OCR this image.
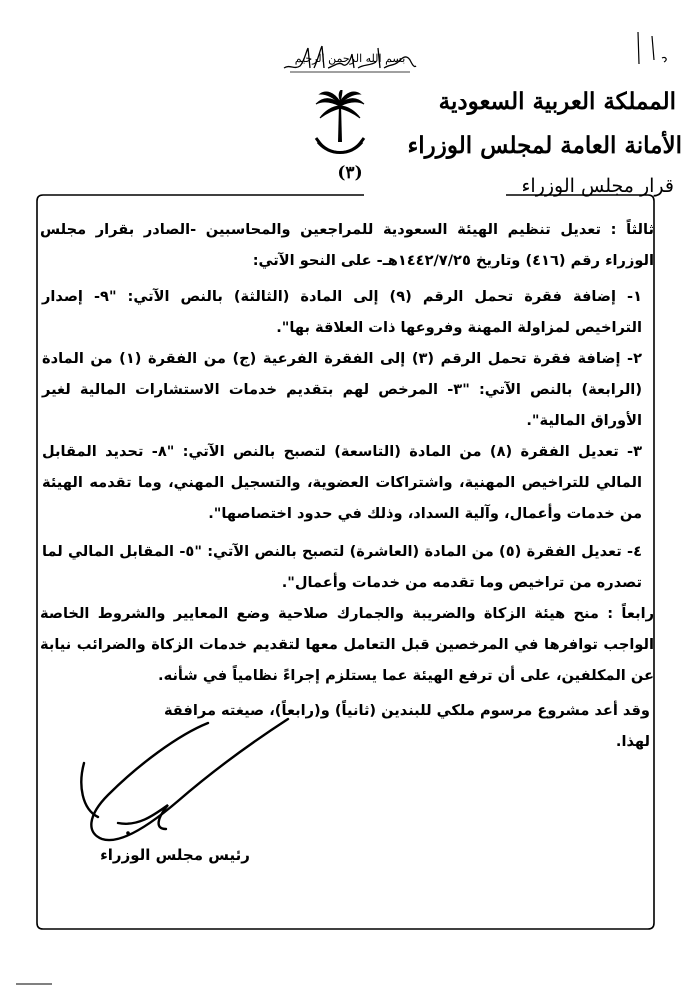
بسم الله الرحمن الرحيم
(٣)
المملكة العربية السعودية
الأمانة العامة لمجلس الوزراء
قرار مجلس الوزراء
ثالثاً : تعديل تنظيم الهيئة السعودية للمراجعين والمحاسبين -الصادر بقرار مجلس الوزراء رقم (٤١٦) وتاريخ ١٤٤٢/٧/٢٥هـ- على النحو الآتي:
١- إضافة فقرة تحمل الرقم (٩) إلى المادة (الثالثة) بالنص الآتي: "٩- إصدار التراخيص لمزاولة المهنة وفروعها ذات العلاقة بها".
٢- إضافة فقرة تحمل الرقم (٣) إلى الفقرة الفرعية (ج) من الفقرة (١) من المادة (الرابعة) بالنص الآتي: "٣- المرخص لهم بتقديم خدمات الاستشارات المالية لغير الأوراق المالية".
٣- تعديل الفقرة (٨) من المادة (التاسعة) لتصبح بالنص الآتي: "٨- تحديد المقابل المالي للتراخيص المهنية، واشتراكات العضوية، والتسجيل المهني، وما تقدمه الهيئة من خدمات وأعمال، وآلية السداد، وذلك في حدود اختصاصها".
٤- تعديل الفقرة (٥) من المادة (العاشرة) لتصبح بالنص الآتي: "٥- المقابل المالي لما تصدره من تراخيص وما تقدمه من خدمات وأعمال".
رابعاً : منح هيئة الزكاة والضريبة والجمارك صلاحية وضع المعايير والشروط الخاصة الواجب توافرها في المرخصين قبل التعامل معها لتقديم خدمات الزكاة والضرائب نيابة عن المكلفين، على أن ترفع الهيئة عما يستلزم إجراءً نظامياً في شأنه.
وقد أعد مشروع مرسوم ملكي للبندين (ثانياً) و(رابعاً)، صيغته مرافقة لهذا.
رئيس مجلس الوزراء
